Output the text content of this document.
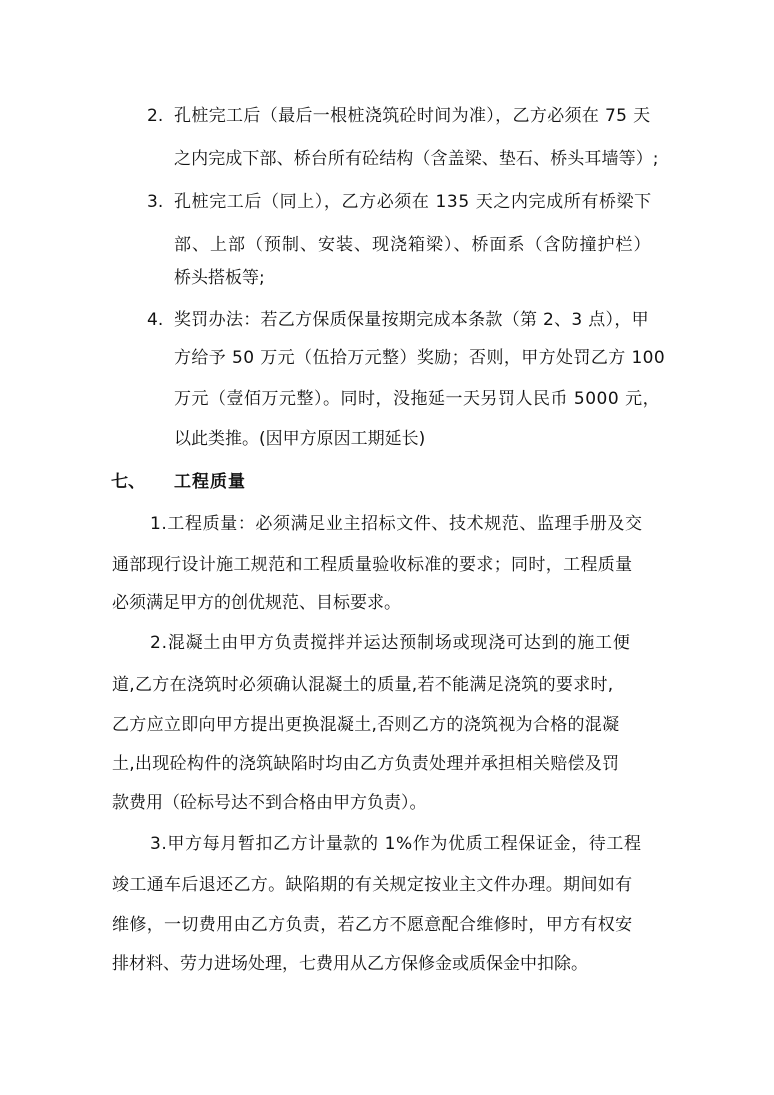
2. 孔桩完工后（最后一根桩浇筑砼时间为准），乙方必须在 75 天
之内完成下部、桥台所有砼结构（含盖梁、垫石、桥头耳墙等）;
3. 孔桩完工后（同上），乙方必须在 135 天之内完成所有桥梁下
部、上部（预制、安装、现浇箱梁）、桥面系（含防撞护栏）
桥头搭板等;
4. 奖罚办法：若乙方保质保量按期完成本条款（第 2、3 点），甲
方给予 50 万元（伍拾万元整）奖励；否则，甲方处罚乙方 100
万元（壹佰万元整）。同时，没拖延一天另罚人民币 5000 元，
以此类推。(因甲方原因工期延长)
七、 工程质量
1.工程质量：必须满足业主招标文件、技术规范、监理手册及交
通部现行设计施工规范和工程质量验收标准的要求；同时，工程质量
必须满足甲方的创优规范、目标要求。
2.混凝土由甲方负责搅拌并运达预制场或现浇可达到的施工便
道,乙方在浇筑时必须确认混凝土的质量,若不能满足浇筑的要求时,
乙方应立即向甲方提出更换混凝土,否则乙方的浇筑视为合格的混凝
土,出现砼构件的浇筑缺陷时均由乙方负责处理并承担相关赔偿及罚
款费用（砼标号达不到合格由甲方负责）。
3.甲方每月暂扣乙方计量款的 1%作为优质工程保证金，待工程
竣工通车后退还乙方。缺陷期的有关规定按业主文件办理。期间如有
维修，一切费用由乙方负责，若乙方不愿意配合维修时，甲方有权安
排材料、劳力进场处理，七费用从乙方保修金或质保金中扣除。
